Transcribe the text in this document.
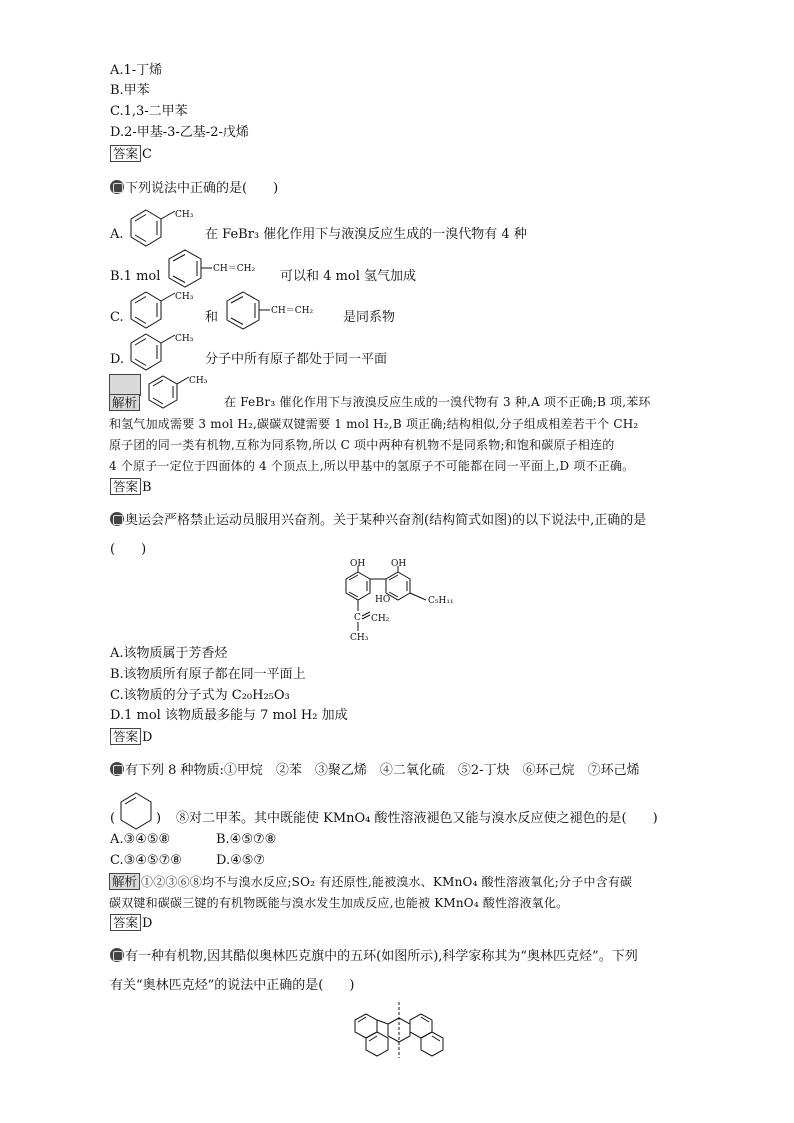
A.1-丁烯
B.甲苯
C.1,3-二甲苯
D.2-甲基-3-乙基-2-戊烯
答案 C
下列说法中正确的是(　　)
A.
CH₃
在 FeBr₃ 催化作用下与液溴反应生成的一溴代物有 4 种
B.1 mol	CH＝CH₂ 可以和 4 mol 氢气加成
C.
CH₃
和	CH＝CH₂ 是同系物
D.
CH₃
分子中所有原子都处于同一平面
解析
CH₃
在 FeBr₃ 催化作用下与液溴反应生成的一溴代物有 3 种,A 项不正确;B 项,苯环
和氢气加成需要 3 mol H₂,碳碳双键需要 1 mol H₂,B 项正确;结构相似,分子组成相差若干个 CH₂
原子团的同一类有机物,互称为同系物,所以 C 项中两种有机物不是同系物;和饱和碳原子相连的
4 个原子一定位于四面体的 4 个顶点上,所以甲基中的氢原子不可能都在同一平面上,D 项不正确。
答案 B
奥运会严格禁止运动员服用兴奋剂。关于某种兴奋剂(结构简式如图)的以下说法中,正确的是
(　　)
OH	OH
HO	C₅H₁₁
C CH₂
CH₃
A.该物质属于芳香烃
B.该物质所有原子都在同一平面上
C.该物质的分子式为 C₂₀H₂₅O₃
D.1 mol 该物质最多能与 7 mol H₂ 加成
答案 D
有下列 8 种物质:①甲烷　②苯　③聚乙烯　④二氧化硫　⑤2-丁炔　⑥环己烷　⑦环己烯
(	) ⑧对二甲苯。其中既能使 KMnO₄ 酸性溶液褪色又能与溴水反应使之褪色的是(　　)
A.③④⑤⑧	B.④⑤⑦⑧
C.③④⑤⑦⑧	D.④⑤⑦
解析 ①②③⑥⑧均不与溴水反应;SO₂ 有还原性,能被溴水、KMnO₄ 酸性溶液氧化;分子中含有碳
碳双键和碳碳三键的有机物既能与溴水发生加成反应,也能被 KMnO₄ 酸性溶液氧化。
答案 D
有一种有机物,因其酷似奥林匹克旗中的五环(如图所示),科学家称其为“奥林匹克烃”。下列
有关“奥林匹克烃”的说法中正确的是(　　)
